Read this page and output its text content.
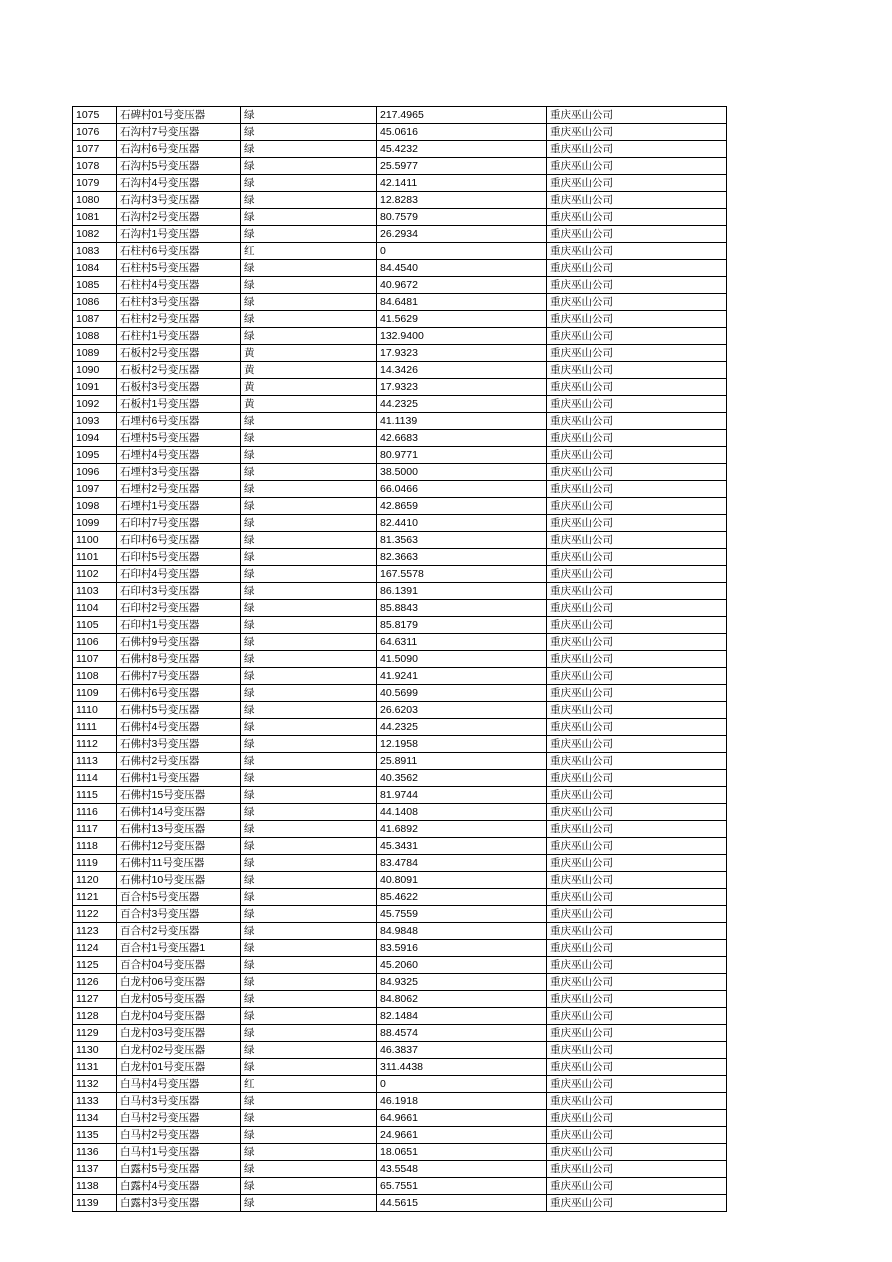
1075	石碑村01号变压器	绿	217.4965	重庆巫山公司
1076	石沟村7号变压器	绿	45.0616	重庆巫山公司
1077	石沟村6号变压器	绿	45.4232	重庆巫山公司
1078	石沟村5号变压器	绿	25.5977	重庆巫山公司
1079	石沟村4号变压器	绿	42.1411	重庆巫山公司
1080	石沟村3号变压器	绿	12.8283	重庆巫山公司
1081	石沟村2号变压器	绿	80.7579	重庆巫山公司
1082	石沟村1号变压器	绿	26.2934	重庆巫山公司
1083	石柱村6号变压器	红	0	重庆巫山公司
1084	石柱村5号变压器	绿	84.4540	重庆巫山公司
1085	石柱村4号变压器	绿	40.9672	重庆巫山公司
1086	石柱村3号变压器	绿	84.6481	重庆巫山公司
1087	石柱村2号变压器	绿	41.5629	重庆巫山公司
1088	石柱村1号变压器	绿	132.9400	重庆巫山公司
1089	石板村2号变压器	黄	17.9323	重庆巫山公司
1090	石板村2号变压器	黄	14.3426	重庆巫山公司
1091	石板村3号变压器	黄	17.9323	重庆巫山公司
1092	石板村1号变压器	黄	44.2325	重庆巫山公司
1093	石堙村6号变压器	绿	41.1139	重庆巫山公司
1094	石堙村5号变压器	绿	42.6683	重庆巫山公司
1095	石堙村4号变压器	绿	80.9771	重庆巫山公司
1096	石堙村3号变压器	绿	38.5000	重庆巫山公司
1097	石堙村2号变压器	绿	66.0466	重庆巫山公司
1098	石堙村1号变压器	绿	42.8659	重庆巫山公司
1099	石印村7号变压器	绿	82.4410	重庆巫山公司
1100	石印村6号变压器	绿	81.3563	重庆巫山公司
1101	石印村5号变压器	绿	82.3663	重庆巫山公司
1102	石印村4号变压器	绿	167.5578	重庆巫山公司
1103	石印村3号变压器	绿	86.1391	重庆巫山公司
1104	石印村2号变压器	绿	85.8843	重庆巫山公司
1105	石印村1号变压器	绿	85.8179	重庆巫山公司
1106	石佛村9号变压器	绿	64.6311	重庆巫山公司
1107	石佛村8号变压器	绿	41.5090	重庆巫山公司
1108	石佛村7号变压器	绿	41.9241	重庆巫山公司
1109	石佛村6号变压器	绿	40.5699	重庆巫山公司
1110	石佛村5号变压器	绿	26.6203	重庆巫山公司
1111	石佛村4号变压器	绿	44.2325	重庆巫山公司
1112	石佛村3号变压器	绿	12.1958	重庆巫山公司
1113	石佛村2号变压器	绿	25.8911	重庆巫山公司
1114	石佛村1号变压器	绿	40.3562	重庆巫山公司
1115	石佛村15号变压器	绿	81.9744	重庆巫山公司
1116	石佛村14号变压器	绿	44.1408	重庆巫山公司
1117	石佛村13号变压器	绿	41.6892	重庆巫山公司
1118	石佛村12号变压器	绿	45.3431	重庆巫山公司
1119	石佛村11号变压器	绿	83.4784	重庆巫山公司
1120	石佛村10号变压器	绿	40.8091	重庆巫山公司
1121	百合村5号变压器	绿	85.4622	重庆巫山公司
1122	百合村3号变压器	绿	45.7559	重庆巫山公司
1123	百合村2号变压器	绿	84.9848	重庆巫山公司
1124	百合村1号变压器1	绿	83.5916	重庆巫山公司
1125	百合村04号变压器	绿	45.2060	重庆巫山公司
1126	白龙村06号变压器	绿	84.9325	重庆巫山公司
1127	白龙村05号变压器	绿	84.8062	重庆巫山公司
1128	白龙村04号变压器	绿	82.1484	重庆巫山公司
1129	白龙村03号变压器	绿	88.4574	重庆巫山公司
1130	白龙村02号变压器	绿	46.3837	重庆巫山公司
1131	白龙村01号变压器	绿	311.4438	重庆巫山公司
1132	白马村4号变压器	红	0	重庆巫山公司
1133	白马村3号变压器	绿	46.1918	重庆巫山公司
1134	白马村2号变压器	绿	64.9661	重庆巫山公司
1135	白马村2号变压器	绿	24.9661	重庆巫山公司
1136	白马村1号变压器	绿	18.0651	重庆巫山公司
1137	白露村5号变压器	绿	43.5548	重庆巫山公司
1138	白露村4号变压器	绿	65.7551	重庆巫山公司
1139	白露村3号变压器	绿	44.5615	重庆巫山公司
